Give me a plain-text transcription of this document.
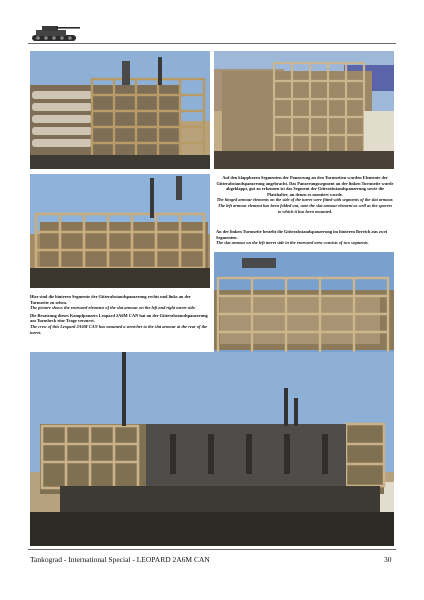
Auf den klappbaren Segmenten der Panzerung an den Turmseiten wurden Elemente der Gitterabstandspanzerung angebracht. Das Panzerungssegment an der linken Turmseite wurde abgeklappt, gut zu erkennen ist das Segment der Gitterabstandspanzerung sowie die Platzhalter, an denen es montiert wurde.

The hinged armour elements on the side of the turret were fitted with segments of the slat armour. The left armour element has been folded out, note the slat armour element as well as the spacers to which it has been mounted.

An der linken Turmseite besteht die Gitterabstandspanzerung im hinteren Bereich aus zwei Segmenten.

The slat armour on the left turret side in the rearward area consists of two segments.

Hier sind die hinteren Segmente der Gitterabstandspanzerung rechts und links an der Turmseite zu sehen.

The picture shows the rearward elements of the slat armour on the left and right turret side.

Die Besatzung dieses Kampfpanzers Leopard 2A6M CAN hat an der Gitterabstandspanzerung am Turmheck eine Trage verzurrt.

The crew of this Leopard 2A6M CAN has mounted a stretcher to the slat armour at the rear of the turret.

Tankograd - International Special - LEOPARD 2A6M CAN	30
